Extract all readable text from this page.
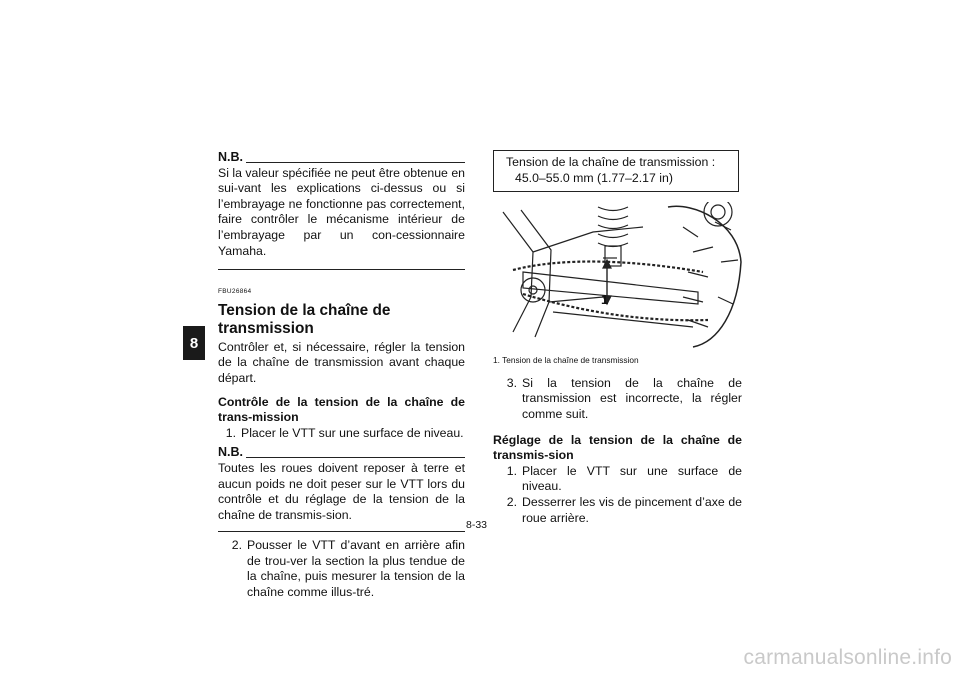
8
N.B.

Si la valeur spécifiée ne peut être obtenue en sui-vant les explications ci-dessus ou si l’embrayage ne fonctionne pas correctement, faire contrôler le mécanisme intérieur de l’embrayage par un con-cessionnaire Yamaha.

FBU26864
Tension de la chaîne de transmission

Contrôler et, si nécessaire, régler la tension de la chaîne de transmission avant chaque départ.

Contrôle de la tension de la chaîne de trans-mission

1. Placer le VTT sur une surface de niveau.
N.B.

Toutes les roues doivent reposer à terre et aucun poids ne doit peser sur le VTT lors du contrôle et du réglage de la tension de la chaîne de transmis-sion.

2. Pousser le VTT d’avant en arrière afin de trou-ver la section la plus tendue de la chaîne, puis mesurer la tension de la chaîne comme illus-tré.
Tension de la chaîne de transmission :
45.0–55.0 mm (1.77–2.17 in)
1
1. Tension de la chaîne de transmission
3. Si la tension de la chaîne de transmission est incorrecte, la régler comme suit.

Réglage de la tension de la chaîne de transmis-sion

1. Placer le VTT sur une surface de niveau.
2. Desserrer les vis de pincement d’axe de roue arrière.
8-33
carmanualsonline.info
